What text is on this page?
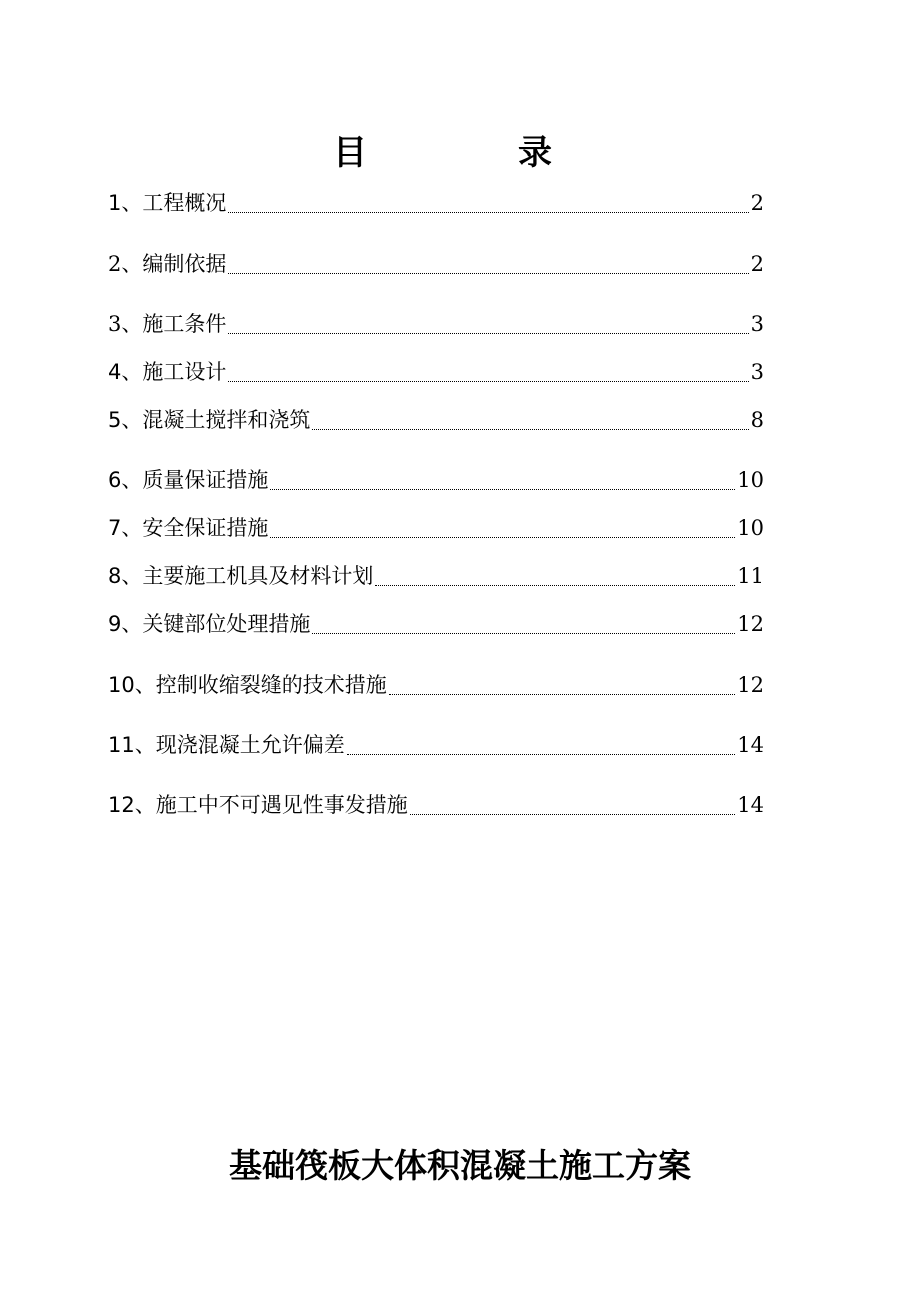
目	录
1、工程概况	2
2、编制依据	2
3、施工条件	3
4、施工设计	3
5、混凝土搅拌和浇筑	8
6、质量保证措施	10
7、安全保证措施	10
8、主要施工机具及材料计划	11
9、关键部位处理措施	12
10、控制收缩裂缝的技术措施	12
11、现浇混凝土允许偏差	14
12、施工中不可遇见性事发措施	14
基础筏板大体积混凝土施工方案
